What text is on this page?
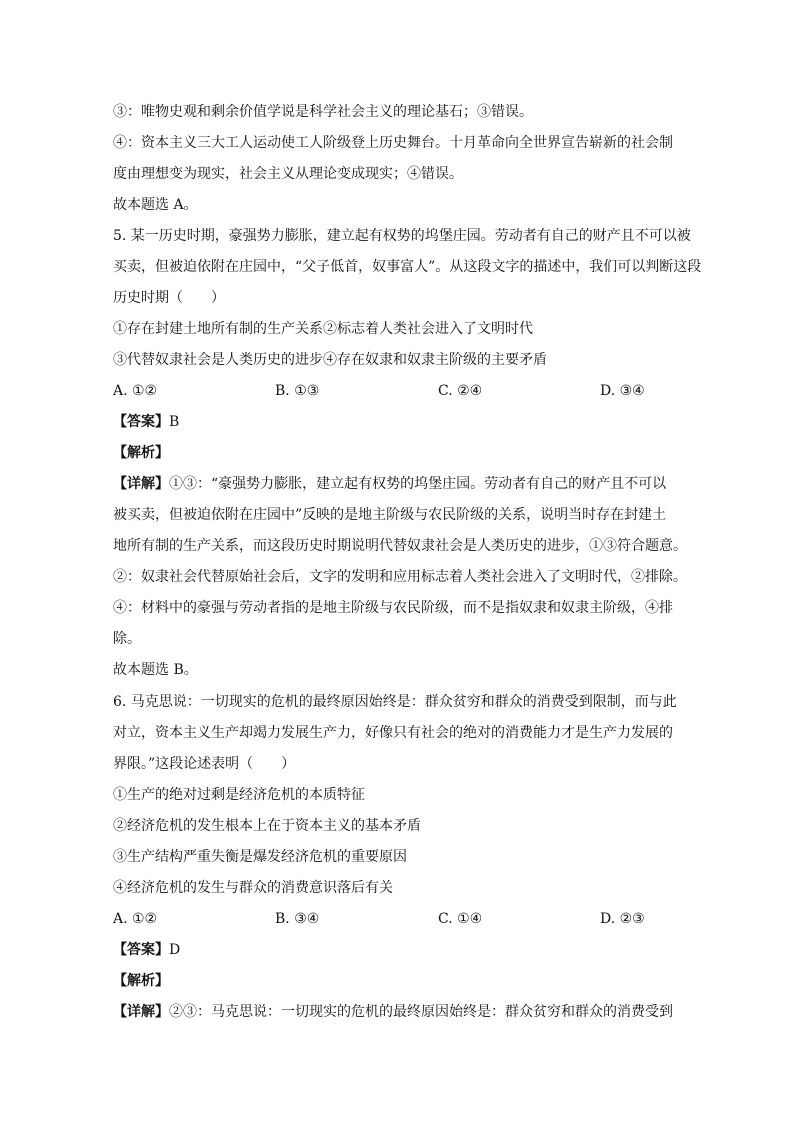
③：唯物史观和剩余价值学说是科学社会主义的理论基石；③错误。
④：资本主义三大工人运动使工人阶级登上历史舞台。十月革命向全世界宣告崭新的社会制
度由理想变为现实，社会主义从理论变成现实；④错误。
故本题选 A。
5. 某一历史时期，豪强势力膨胀，建立起有权势的坞堡庄园。劳动者有自己的财产且不可以被
买卖，但被迫依附在庄园中，“父子低首，奴事富人”。从这段文字的描述中，我们可以判断这段
历史时期（　　）
①存在封建土地所有制的生产关系②标志着人类社会进入了文明时代
③代替奴隶社会是人类历史的进步④存在奴隶和奴隶主阶级的主要矛盾
A. ①②	B. ①③	C. ②④	D. ③④
【答案】B
【解析】
【详解】①③：“豪强势力膨胀，建立起有权势的坞堡庄园。劳动者有自己的财产且不可以
被买卖，但被迫依附在庄园中”反映的是地主阶级与农民阶级的关系，说明当时存在封建土
地所有制的生产关系，而这段历史时期说明代替奴隶社会是人类历史的进步，①③符合题意。
②：奴隶社会代替原始社会后，文字的发明和应用标志着人类社会进入了文明时代，②排除。
④：材料中的豪强与劳动者指的是地主阶级与农民阶级，而不是指奴隶和奴隶主阶级，④排
除。
故本题选 B。
6. 马克思说：一切现实的危机的最终原因始终是：群众贫穷和群众的消费受到限制，而与此
对立，资本主义生产却竭力发展生产力，好像只有社会的绝对的消费能力才是生产力发展的
界限。”这段论述表明（　　）
①生产的绝对过剩是经济危机的本质特征
②经济危机的发生根本上在于资本主义的基本矛盾
③生产结构严重失衡是爆发经济危机的重要原因
④经济危机的发生与群众的消费意识落后有关
A. ①②	B. ③④	C. ①④	D. ②③
【答案】D
【解析】
【详解】②③：马克思说：一切现实的危机的最终原因始终是：群众贫穷和群众的消费受到
